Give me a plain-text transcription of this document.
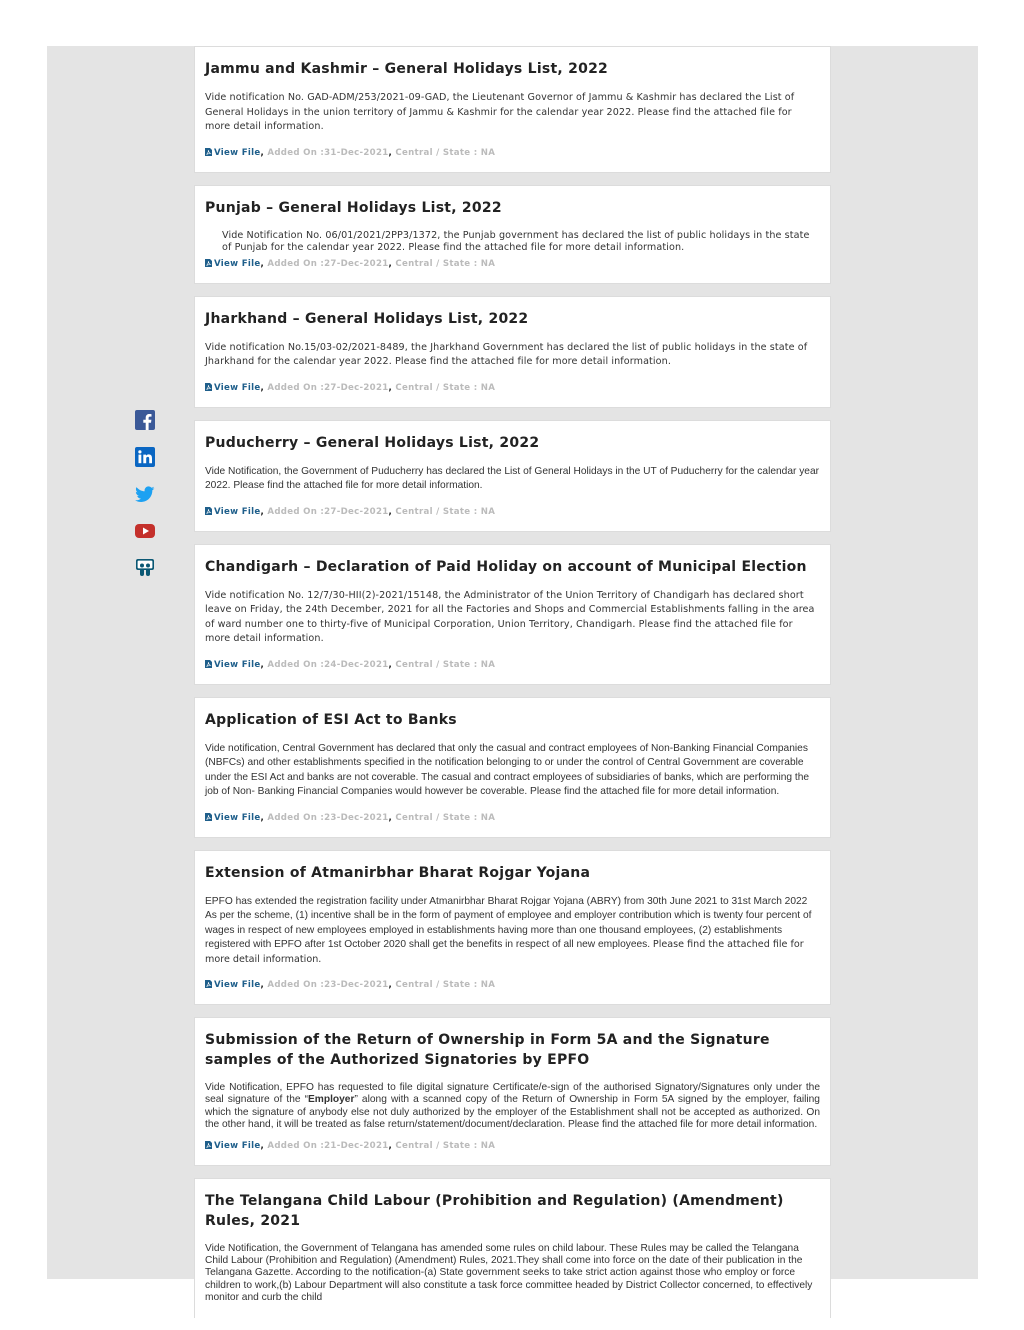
Jammu and Kashmir – General Holidays List, 2022

Vide notification No. GAD-ADM/253/2021-09-GAD, the Lieutenant Governor of Jammu & Kashmir has declared the List of General Holidays in the union territory of Jammu & Kashmir for the calendar year 2022. Please find the attached file for more detail information.

View File, Added On :31-Dec-2021, Central / State : NA
Punjab – General Holidays List, 2022

Vide Notification No. 06/01/2021/2PP3/1372, the Punjab government has declared the list of public holidays in the state of Punjab for the calendar year 2022. Please find the attached file for more detail information.

View File, Added On :27-Dec-2021, Central / State : NA
Jharkhand – General Holidays List, 2022

Vide notification No.15/03-02/2021-8489, the Jharkhand Government has declared the list of public holidays in the state of Jharkhand for the calendar year 2022. Please find the attached file for more detail information.

View File, Added On :27-Dec-2021, Central / State : NA
Puducherry – General Holidays List, 2022

Vide Notification, the Government of Puducherry has declared the List of General Holidays in the UT of Puducherry for the calendar year 2022. Please find the attached file for more detail information.

View File, Added On :27-Dec-2021, Central / State : NA
Chandigarh – Declaration of Paid Holiday on account of Municipal Election

Vide notification No. 12/7/30-HII(2)-2021/15148, the Administrator of the Union Territory of Chandigarh has declared short leave on Friday, the 24th December, 2021 for all the Factories and Shops and Commercial Establishments falling in the area of ward number one to thirty-five of Municipal Corporation, Union Territory, Chandigarh. Please find the attached file for more detail information.

View File, Added On :24-Dec-2021, Central / State : NA
Application of ESI Act to Banks

Vide notification, Central Government has declared that only the casual and contract employees of Non-Banking Financial Companies (NBFCs) and other establishments specified in the notification belonging to or under the control of Central Government are coverable under the ESI Act and banks are not coverable. The casual and contract employees of subsidiaries of banks, which are performing the job of Non- Banking Financial Companies would however be coverable. Please find the attached file for more detail information.

View File, Added On :23-Dec-2021, Central / State : NA
Extension of Atmanirbhar Bharat Rojgar Yojana

EPFO has extended the registration facility under Atmanirbhar Bharat Rojgar Yojana (ABRY) from 30th June 2021 to 31st March 2022 As per the scheme, (1) incentive shall be in the form of payment of employee and employer contribution which is twenty four percent of wages in respect of new employees employed in establishments having more than one thousand employees, (2) establishments registered with EPFO after 1st October 2020 shall get the benefits in respect of all new employees. Please find the attached file for more detail information.

View File, Added On :23-Dec-2021, Central / State : NA
Submission of the Return of Ownership in Form 5A and the Signature samples of the Authorized Signatories by EPFO

Vide Notification, EPFO has requested to file digital signature Certificate/e-sign of the authorised Signatory/Signatures only under the seal signature of the “Employer” along with a scanned copy of the Return of Ownership in Form 5A signed by the employer, failing which the signature of anybody else not duly authorized by the employer of the Establishment shall not be accepted as authorized. On the other hand, it will be treated as false return/statement/document/declaration. Please find the attached file for more detail information.

View File, Added On :21-Dec-2021, Central / State : NA
The Telangana Child Labour (Prohibition and Regulation) (Amendment) Rules, 2021

Vide Notification, the Government of Telangana has amended some rules on child labour. These Rules may be called the Telangana Child Labour (Prohibition and Regulation) (Amendment) Rules, 2021.They shall come into force on the date of their publication in the Telangana Gazette. According to the notification-(a) State government seeks to take strict action against those who employ or force children to work,(b) Labour Department will also constitute a task force committee headed by District Collector concerned, to effectively monitor and curb the child
